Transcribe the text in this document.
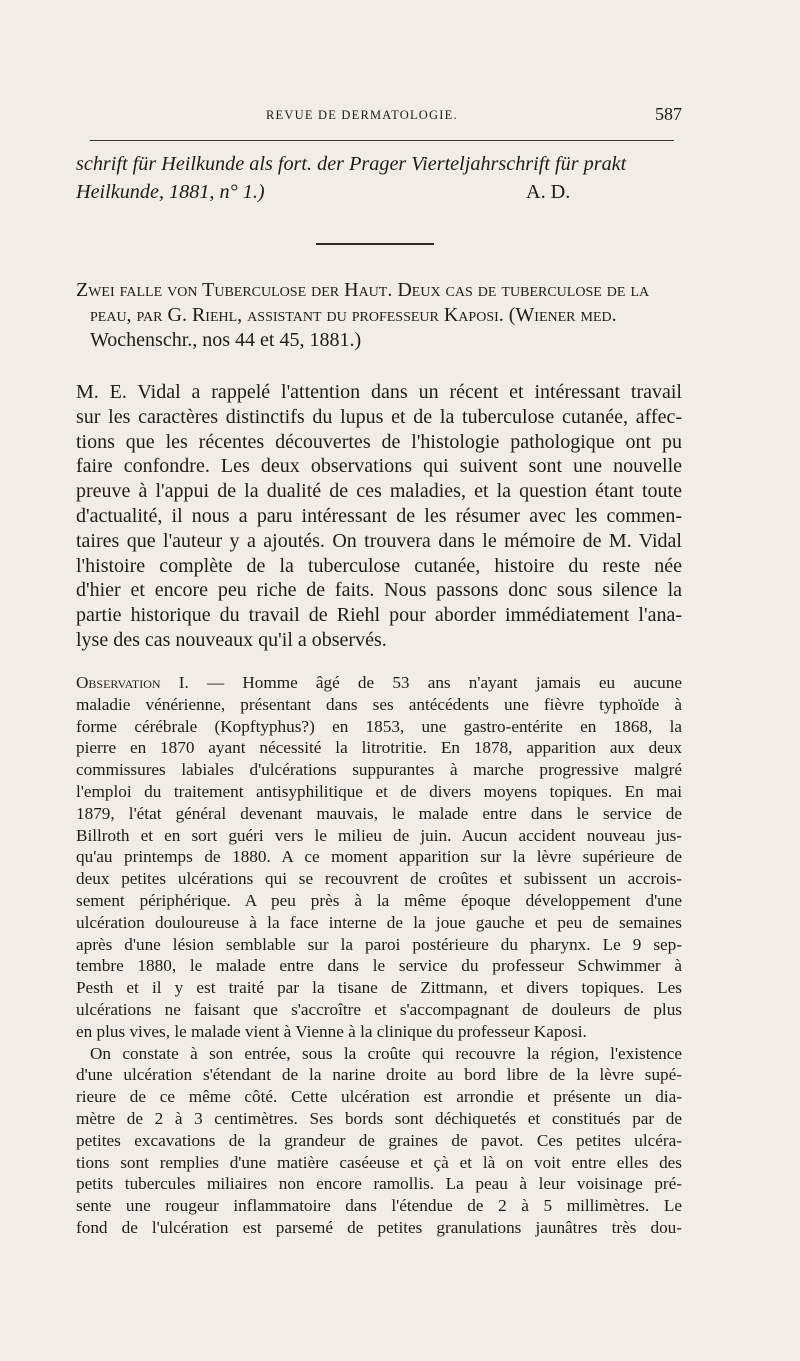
REVUE DE DERMATOLOGIE.	587
schrift für Heilkunde als fort. der Prager Vierteljahrschrift für prakt
Heilkunde, 1881, n° 1.)	A. D.
Zwei falle von Tuberculose der Haut. Deux cas de tuberculose de la
peau, par G. Riehl, assistant du professeur Kaposi. (Wiener med.
Wochenschr., nos 44 et 45, 1881.)
M. E. Vidal a rappelé l'attention dans un récent et intéressant travail
sur les caractères distinctifs du lupus et de la tuberculose cutanée, affec-
tions que les récentes découvertes de l'histologie pathologique ont pu
faire confondre. Les deux observations qui suivent sont une nouvelle
preuve à l'appui de la dualité de ces maladies, et la question étant toute
d'actualité, il nous a paru intéressant de les résumer avec les commen-
taires que l'auteur y a ajoutés. On trouvera dans le mémoire de M. Vidal
l'histoire complète de la tuberculose cutanée, histoire du reste née
d'hier et encore peu riche de faits. Nous passons donc sous silence la
partie historique du travail de Riehl pour aborder immédiatement l'ana-
lyse des cas nouveaux qu'il a observés.
Observation I. — Homme âgé de 53 ans n'ayant jamais eu aucune
maladie vénérienne, présentant dans ses antécédents une fièvre typhoïde à
forme cérébrale (Kopftyphus?) en 1853, une gastro-entérite en 1868, la
pierre en 1870 ayant nécessité la litrotritie. En 1878, apparition aux deux
commissures labiales d'ulcérations suppurantes à marche progressive malgré
l'emploi du traitement antisyphilitique et de divers moyens topiques. En mai
1879, l'état général devenant mauvais, le malade entre dans le service de
Billroth et en sort guéri vers le milieu de juin. Aucun accident nouveau jus-
qu'au printemps de 1880. A ce moment apparition sur la lèvre supérieure de
deux petites ulcérations qui se recouvrent de croûtes et subissent un accrois-
sement périphérique. A peu près à la même époque développement d'une
ulcération douloureuse à la face interne de la joue gauche et peu de semaines
après d'une lésion semblable sur la paroi postérieure du pharynx. Le 9 sep-
tembre 1880, le malade entre dans le service du professeur Schwimmer à
Pesth et il y est traité par la tisane de Zittmann, et divers topiques. Les
ulcérations ne faisant que s'accroître et s'accompagnant de douleurs de plus
en plus vives, le malade vient à Vienne à la clinique du professeur Kaposi.
On constate à son entrée, sous la croûte qui recouvre la région, l'existence
d'une ulcération s'étendant de la narine droite au bord libre de la lèvre supé-
rieure de ce même côté. Cette ulcération est arrondie et présente un dia-
mètre de 2 à 3 centimètres. Ses bords sont déchiquetés et constitués par de
petites excavations de la grandeur de graines de pavot. Ces petites ulcéra-
tions sont remplies d'une matière caséeuse et çà et là on voit entre elles des
petits tubercules miliaires non encore ramollis. La peau à leur voisinage pré-
sente une rougeur inflammatoire dans l'étendue de 2 à 5 millimètres. Le
fond de l'ulcération est parsemé de petites granulations jaunâtres très dou-
